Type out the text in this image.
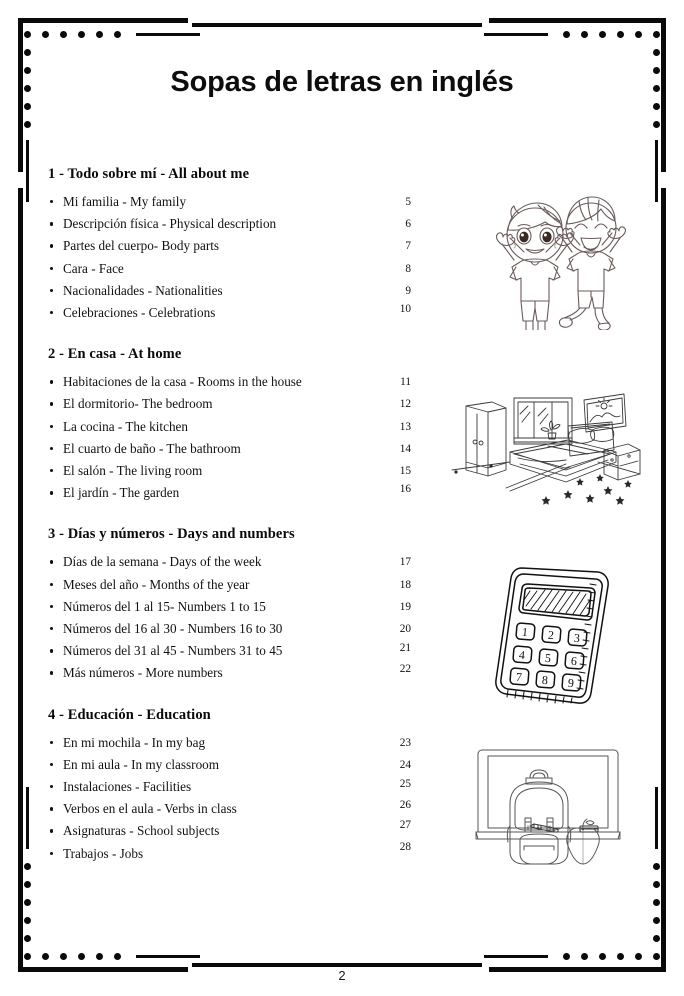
Sopas de letras en inglés
1 - Todo sobre mí - All about me
Mi familia - My family	5
Descripción física - Physical description	6
Partes del cuerpo- Body parts	7
Cara - Face	8
Nacionalidades - Nationalities	9
Celebraciones - Celebrations	10
2 - En casa - At home
Habitaciones de la casa - Rooms in the house	11
El dormitorio- The bedroom	12
La cocina - The kitchen	13
El cuarto de baño - The bathroom	14
El salón - The living room	15
El jardín - The garden	16
3 - Días y números - Days and numbers
Días de la semana - Days of the week	17
Meses del año - Months of the year	18
Números del 1 al 15- Numbers 1 to 15	19
Números del 16 al 30 - Numbers 16 to 30	20
Números del 31 al 45 - Numbers 31 to 45	21
Más números - More numbers	22
4 - Educación - Education
En mi mochila - In my bag	23
En mi aula - In my classroom	24
Instalaciones - Facilities	25
Verbos en el aula - Verbs in class	26
Asignaturas - School subjects	27
Trabajos - Jobs	28
1 2 3
4 5 6
7 8 9
2
